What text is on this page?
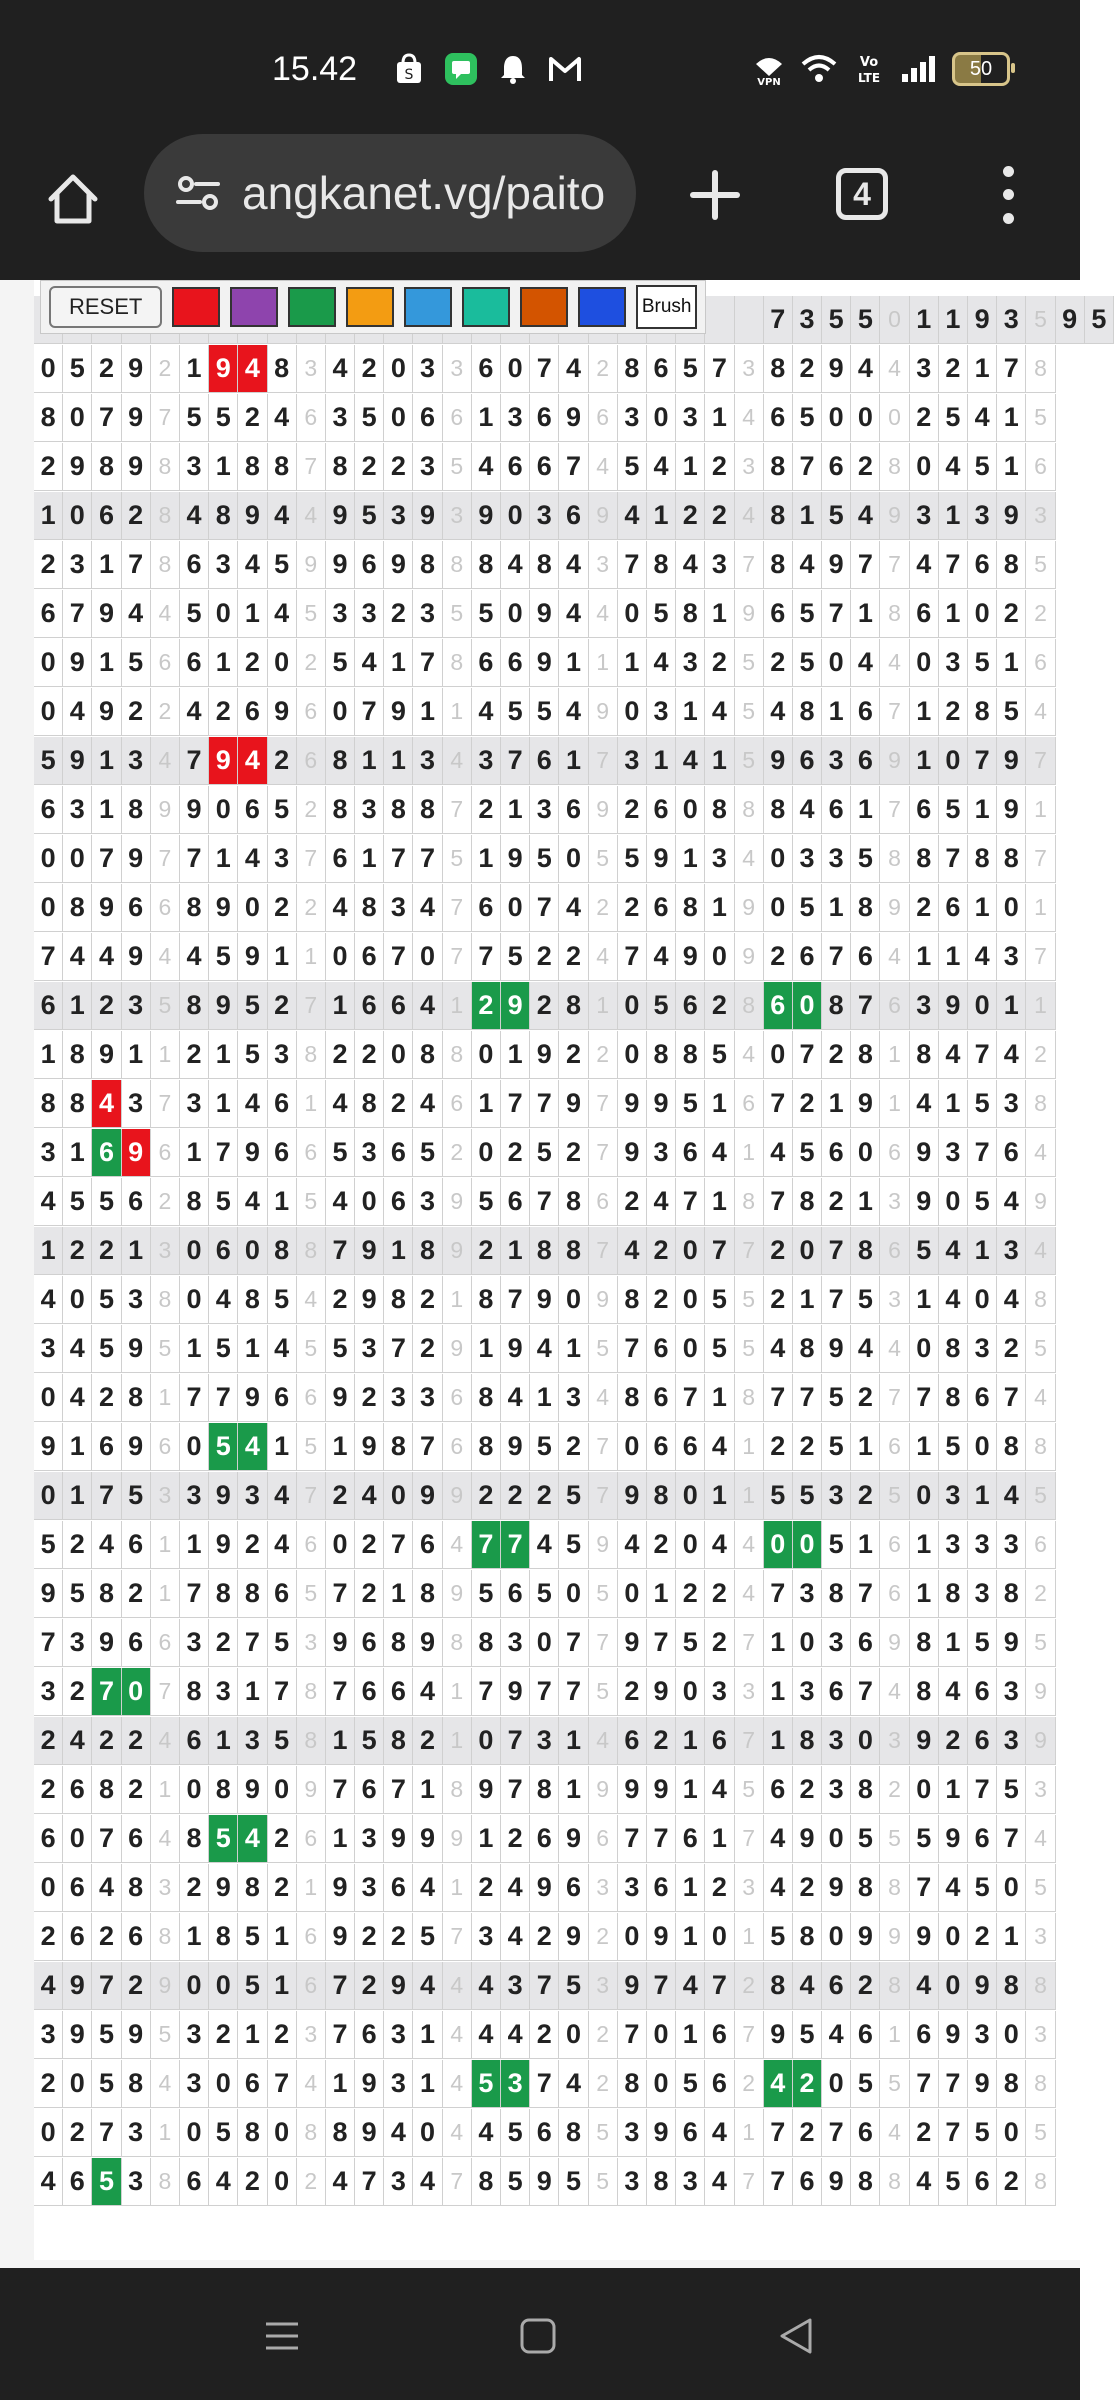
15.42	S	VPN
Vo
LTE	50
angkanet.vg/paito	4
7 3 5 5 0 1 1 9 3 5 9 5
0 5 2 9 2 1 9 4 8 3 4 2 0 3 3 6 0 7 4 2 8 6 5 7 3 8 2 9 4 4 3 2 1 7 8
8 0 7 9 7 5 5 2 4 6 3 5 0 6 6 1 3 6 9 6 3 0 3 1 4 6 5 0 0 0 2 5 4 1 5
2 9 8 9 8 3 1 8 8 7 8 2 2 3 5 4 6 6 7 4 5 4 1 2 3 8 7 6 2 8 0 4 5 1 6
1 0 6 2 8 4 8 9 4 4 9 5 3 9 3 9 0 3 6 9 4 1 2 2 4 8 1 5 4 9 3 1 3 9 3
2 3 1 7 8 6 3 4 5 9 9 6 9 8 8 8 4 8 4 3 7 8 4 3 7 8 4 9 7 7 4 7 6 8 5
6 7 9 4 4 5 0 1 4 5 3 3 2 3 5 5 0 9 4 4 0 5 8 1 9 6 5 7 1 8 6 1 0 2 2
0 9 1 5 6 6 1 2 0 2 5 4 1 7 8 6 6 9 1 1 1 4 3 2 5 2 5 0 4 4 0 3 5 1 6
0 4 9 2 2 4 2 6 9 6 0 7 9 1 1 4 5 5 4 9 0 3 1 4 5 4 8 1 6 7 1 2 8 5 4
5 9 1 3 4 7 9 4 2 6 8 1 1 3 4 3 7 6 1 7 3 1 4 1 5 9 6 3 6 9 1 0 7 9 7
6 3 1 8 9 9 0 6 5 2 8 3 8 8 7 2 1 3 6 9 2 6 0 8 8 8 4 6 1 7 6 5 1 9 1
0 0 7 9 7 7 1 4 3 7 6 1 7 7 5 1 9 5 0 5 5 9 1 3 4 0 3 3 5 8 8 7 8 8 7
0 8 9 6 6 8 9 0 2 2 4 8 3 4 7 6 0 7 4 2 2 6 8 1 9 0 5 1 8 9 2 6 1 0 1
7 4 4 9 4 4 5 9 1 1 0 6 7 0 7 7 5 2 2 4 7 4 9 0 9 2 6 7 6 4 1 1 4 3 7
6 1 2 3 5 8 9 5 2 7 1 6 6 4 1 2 9 2 8 1 0 5 6 2 8 6 0 8 7 6 3 9 0 1 1
1 8 9 1 1 2 1 5 3 8 2 2 0 8 8 0 1 9 2 2 0 8 8 5 4 0 7 2 8 1 8 4 7 4 2
8 8 4 3 7 3 1 4 6 1 4 8 2 4 6 1 7 7 9 7 9 9 5 1 6 7 2 1 9 1 4 1 5 3 8
3 1 6 9 6 1 7 9 6 6 5 3 6 5 2 0 2 5 2 7 9 3 6 4 1 4 5 6 0 6 9 3 7 6 4
4 5 5 6 2 8 5 4 1 5 4 0 6 3 9 5 6 7 8 6 2 4 7 1 8 7 8 2 1 3 9 0 5 4 9
1 2 2 1 3 0 6 0 8 8 7 9 1 8 9 2 1 8 8 7 4 2 0 7 7 2 0 7 8 6 5 4 1 3 4
4 0 5 3 8 0 4 8 5 4 2 9 8 2 1 8 7 9 0 9 8 2 0 5 5 2 1 7 5 3 1 4 0 4 8
3 4 5 9 5 1 5 1 4 5 5 3 7 2 9 1 9 4 1 5 7 6 0 5 5 4 8 9 4 4 0 8 3 2 5
0 4 2 8 1 7 7 9 6 6 9 2 3 3 6 8 4 1 3 4 8 6 7 1 8 7 7 5 2 7 7 8 6 7 4
9 1 6 9 6 0 5 4 1 5 1 9 8 7 6 8 9 5 2 7 0 6 6 4 1 2 2 5 1 6 1 5 0 8 8
0 1 7 5 3 3 9 3 4 7 2 4 0 9 9 2 2 2 5 7 9 8 0 1 1 5 5 3 2 5 0 3 1 4 5
5 2 4 6 1 1 9 2 4 6 0 2 7 6 4 7 7 4 5 9 4 2 0 4 4 0 0 5 1 6 1 3 3 3 6
9 5 8 2 1 7 8 8 6 5 7 2 1 8 9 5 6 5 0 5 0 1 2 2 4 7 3 8 7 6 1 8 3 8 2
7 3 9 6 6 3 2 7 5 3 9 6 8 9 8 8 3 0 7 7 9 7 5 2 7 1 0 3 6 9 8 1 5 9 5
3 2 7 0 7 8 3 1 7 8 7 6 6 4 1 7 9 7 7 5 2 9 0 3 3 1 3 6 7 4 8 4 6 3 9
2 4 2 2 4 6 1 3 5 8 1 5 8 2 1 0 7 3 1 4 6 2 1 6 7 1 8 3 0 3 9 2 6 3 9
2 6 8 2 1 0 8 9 0 9 7 6 7 1 8 9 7 8 1 9 9 9 1 4 5 6 2 3 8 2 0 1 7 5 3
6 0 7 6 4 8 5 4 2 6 1 3 9 9 9 1 2 6 9 6 7 7 6 1 7 4 9 0 5 5 5 9 6 7 4
0 6 4 8 3 2 9 8 2 1 9 3 6 4 1 2 4 9 6 3 3 6 1 2 3 4 2 9 8 8 7 4 5 0 5
2 6 2 6 8 1 8 5 1 6 9 2 2 5 7 3 4 2 9 2 0 9 1 0 1 5 8 0 9 9 9 0 2 1 3
4 9 7 2 9 0 0 5 1 6 7 2 9 4 4 4 3 7 5 3 9 7 4 7 2 8 4 6 2 8 4 0 9 8 8
3 9 5 9 5 3 2 1 2 3 7 6 3 1 4 4 4 2 0 2 7 0 1 6 7 9 5 4 6 1 6 9 3 0 3
2 0 5 8 4 3 0 6 7 4 1 9 3 1 4 5 3 7 4 2 8 0 5 6 2 4 2 0 5 5 7 7 9 8 8
0 2 7 3 1 0 5 8 0 8 8 9 4 0 4 4 5 6 8 5 3 9 6 4 1 7 2 7 6 4 2 7 5 0 5
4 6 5 3 8 6 4 2 0 2 4 7 3 4 7 8 5 9 5 5 3 8 3 4 7 7 6 9 8 8 4 5 6 2 8
RESET	Brush
